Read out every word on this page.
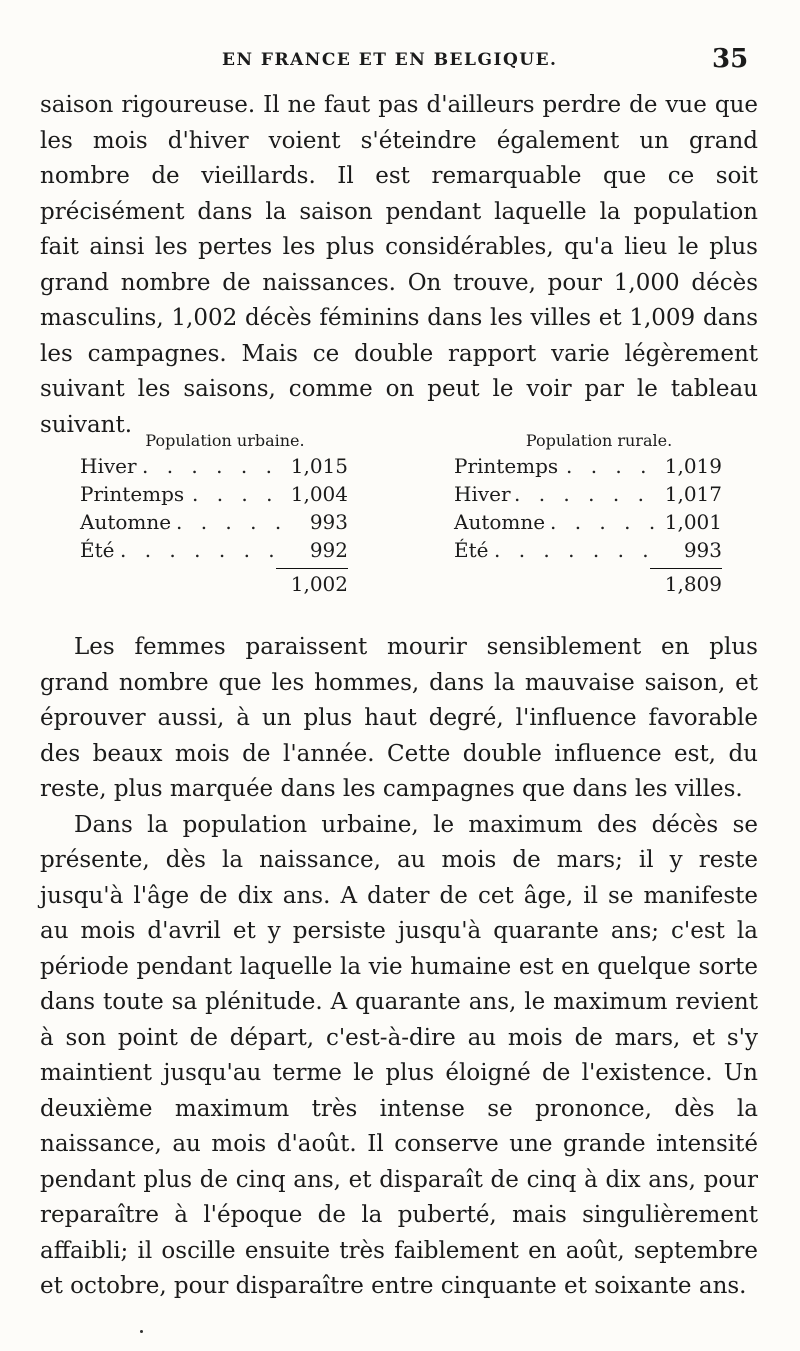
EN FRANCE ET EN BELGIQUE.	35

saison rigoureuse. Il ne faut pas d'ailleurs perdre de vue que les mois d'hiver voient s'éteindre également un grand nombre de vieillards. Il est remarquable que ce soit précisément dans la saison pendant laquelle la population fait ainsi les pertes les plus considérables, qu'a lieu le plus grand nombre de naissances. On trouve, pour 1,000 décès masculins, 1,002 décès féminins dans les villes et 1,009 dans les campagnes. Mais ce double rapport varie légèrement suivant les saisons, comme on peut le voir par le tableau suivant.

Population urbaine.
Hiver . . . . . . 1,015
Printemps . . . . 1,004
Automne . . . . .	993
Été . . . . . . .	992
1,002
Population rurale.
Printemps . . . . 1,019
Hiver . . . . . . 1,017
Automne . . . . . 1,001
Été . . . . . . .	993
1,809

Les femmes paraissent mourir sensiblement en plus grand nombre que les hommes, dans la mauvaise saison, et éprouver aussi, à un plus haut degré, l'influence favorable des beaux mois de l'année. Cette double influence est, du reste, plus marquée dans les campagnes que dans les villes.

Dans la population urbaine, le maximum des décès se présente, dès la naissance, au mois de mars; il y reste jusqu'à l'âge de dix ans. A dater de cet âge, il se manifeste au mois d'avril et y persiste jusqu'à quarante ans; c'est la période pendant laquelle la vie humaine est en quelque sorte dans toute sa plénitude. A quarante ans, le maximum revient à son point de départ, c'est-à-dire au mois de mars, et s'y maintient jusqu'au terme le plus éloigné de l'existence. Un deuxième maximum très intense se prononce, dès la naissance, au mois d'août. Il conserve une grande intensité pendant plus de cinq ans, et disparaît de cinq à dix ans, pour reparaître à l'époque de la puberté, mais singulièrement affaibli; il oscille ensuite très faiblement en août, septembre et octobre, pour disparaître entre cinquante et soixante ans.
